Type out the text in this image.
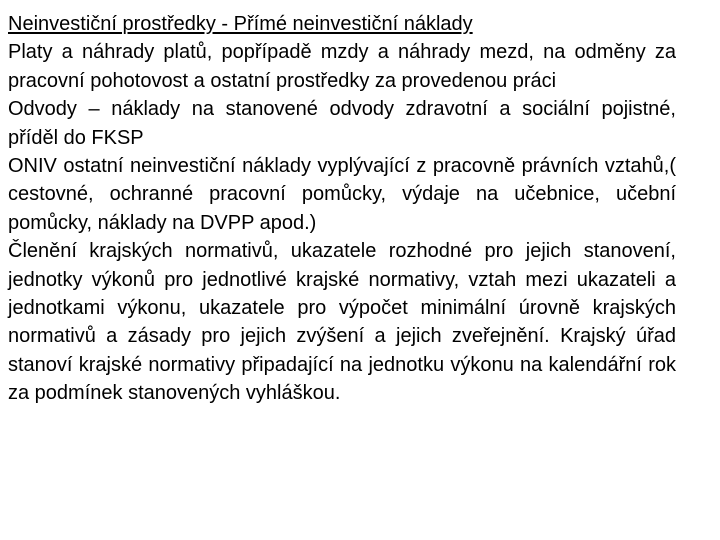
Neinvestiční prostředky - Přímé neinvestiční náklady

Platy a náhrady platů, popřípadě mzdy a náhrady mezd, na odměny za pracovní pohotovost a ostatní prostředky za provedenou práci

Odvody – náklady na stanovené odvody zdravotní a sociální pojistné, příděl do FKSP

ONIV ostatní neinvestiční náklady vyplývající z pracovně právních vztahů,( cestovné, ochranné pracovní pomůcky, výdaje na učebnice, učební pomůcky, náklady na DVPP apod.)

Členění krajských normativů, ukazatele rozhodné pro jejich stanovení, jednotky výkonů pro jednotlivé krajské normativy, vztah mezi ukazateli a jednotkami výkonu, ukazatele pro výpočet minimální úrovně krajských normativů a zásady pro jejich zvýšení a jejich zveřejnění. Krajský úřad stanoví krajské normativy připadající na jednotku výkonu na kalendářní rok za podmínek stanovených vyhláškou.
